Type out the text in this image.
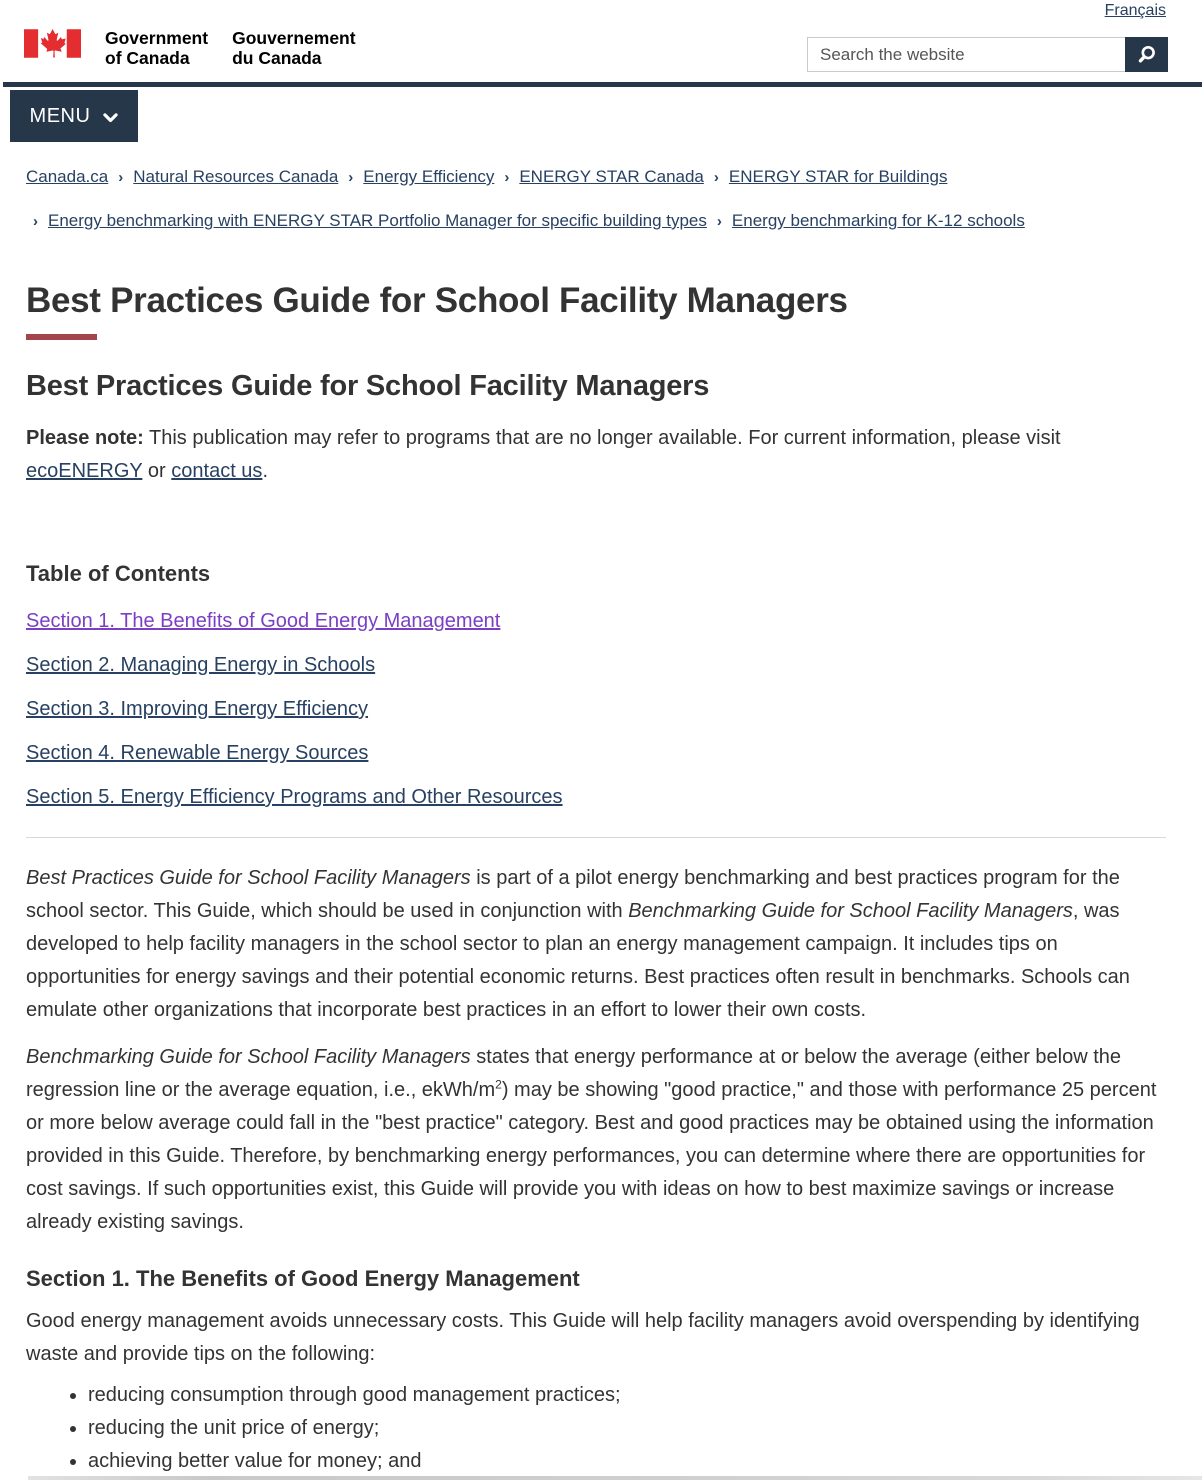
Français
Government
of Canada
Gouvernement
du Canada
Search the website
MENU
Canada.ca › Natural Resources Canada › Energy Efficiency › ENERGY STAR Canada › ENERGY STAR for Buildings
› Energy benchmarking with ENERGY STAR Portfolio Manager for specific building types › Energy benchmarking for K-12 schools
Best Practices Guide for School Facility Managers
Best Practices Guide for School Facility Managers

Please note: This publication may refer to programs that are no longer available. For current information, please visit ecoENERGY or contact us.

Table of Contents
Section 1. The Benefits of Good Energy Management
Section 2. Managing Energy in Schools
Section 3. Improving Energy Efficiency
Section 4. Renewable Energy Sources
Section 5. Energy Efficiency Programs and Other Resources

Best Practices Guide for School Facility Managers is part of a pilot energy benchmarking and best practices program for the school sector. This Guide, which should be used in conjunction with Benchmarking Guide for School Facility Managers, was developed to help facility managers in the school sector to plan an energy management campaign. It includes tips on opportunities for energy savings and their potential economic returns. Best practices often result in benchmarks. Schools can emulate other organizations that incorporate best practices in an effort to lower their own costs.

Benchmarking Guide for School Facility Managers states that energy performance at or below the average (either below the regression line or the average equation, i.e., ekWh/$m^2$) may be showing "good practice," and those with performance 25 percent or more below average could fall in the "best practice" category. Best and good practices may be obtained using the information provided in this Guide. Therefore, by benchmarking energy performances, you can determine where there are opportunities for cost savings. If such opportunities exist, this Guide will provide you with ideas on how to best maximize savings or increase already existing savings.

Section 1. The Benefits of Good Energy Management

Good energy management avoids unnecessary costs. This Guide will help facility managers avoid overspending by identifying waste and provide tips on the following:

• reducing consumption through good management practices;
• reducing the unit price of energy;
• achieving better value for money; and
